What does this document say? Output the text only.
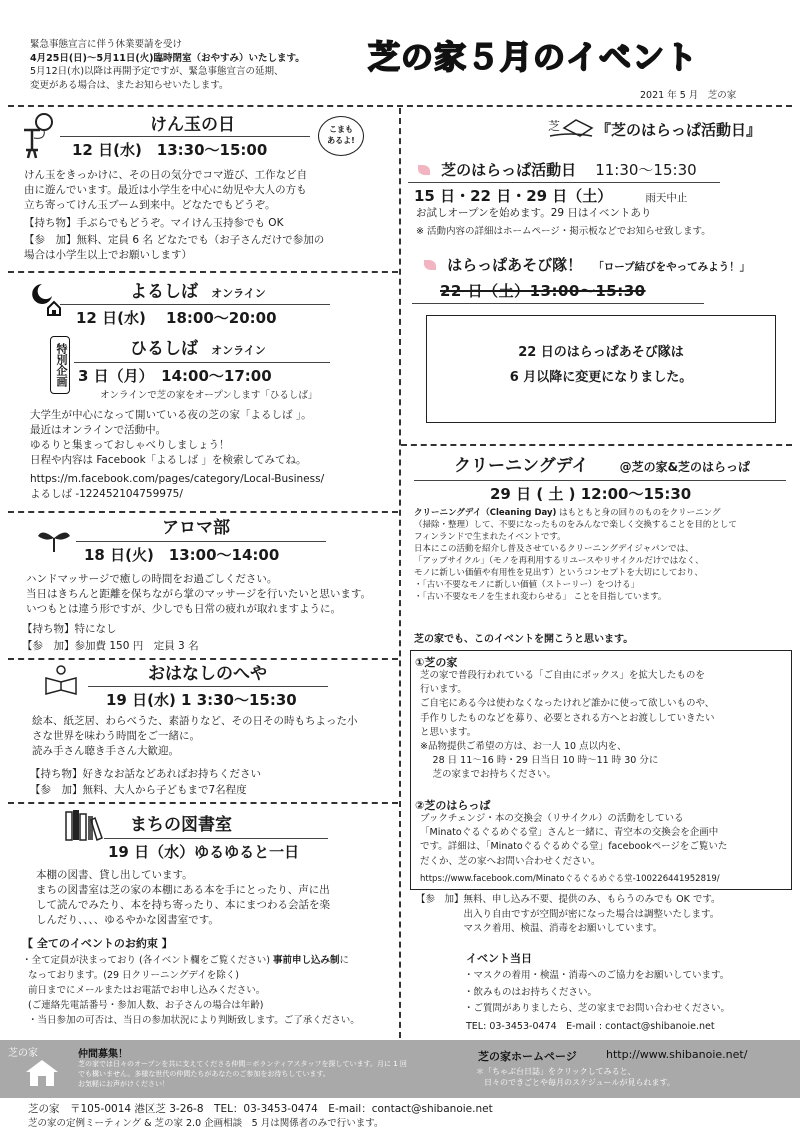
緊急事態宣言に伴う休業要請を受け
4月25日(日)〜5月11日(火)臨時閉室（おやすみ）いたします。
5月12日(水)以降は再開予定ですが、緊急事態宣言の延期、
変更がある場合は、またお知らせいたします。
芝の家５月のイベント
2021 年 5 月　芝の家
けん玉の日
12 日(水)　13:30〜15:00
こまも
あるよ!
けん玉をきっかけに、その日の気分でコマ遊び、工作など自
由に遊んでいます。最近は小学生を中心に幼児や大人の方も
立ち寄ってけん玉ブーム到来中。どなたでもどうぞ。
【持ち物】手ぶらでもどうぞ。マイけん玉持参でも OK
【参　加】無料、定員 6 名 どなたでも（お子さんだけで参加の
場合は小学生以上でお願いします）
よるしば オンライン
12 日(水)　 18:00〜20:00
特別企画	ひるしば オンライン
3 日（月）　14:00〜17:00
オンラインで芝の家をオープンします「ひるしば」
大学生が中心になって開いている夜の芝の家「よるしば 」。
最近はオンラインで活動中。
ゆるりと集まっておしゃべりしましょう！
日程や内容は Facebook「よるしば 」を検索してみてね。
https://m.facebook.com/pages/category/Local-Business/
よるしば -122452104759975/
アロマ部
18 日(火)　13:00〜14:00
ハンドマッサージで癒しの時間をお過ごしください。
当日はきちんと距離を保ちながら掌のマッサージを行いたいと思います。
いつもとは違う形ですが、少しでも日常の疲れが取れますように。
【持ち物】特になし
【参　加】参加費 150 円　定員 3 名
おはなしのへや
19 日(水) 1 3:30〜15:30
絵本、紙芝居、わらべうた、素語りなど、その日その時もちよった小
さな世界を味わう時間をご一緒に。
読み手さん聴き手さん大歓迎。
【持ち物】好きなお話などあればお持ちください
【参　加】無料、大人から子どもまで7名程度
まちの図書室
19 日（水）ゆるゆると一日
本棚の図書、貸し出しています。
まちの図書室は芝の家の本棚にある本を手にとったり、声に出
して読んでみたり、本を持ち寄ったり、本にまつわる会話を楽
しんだり、、、、ゆるやかな図書室です。
【 全てのイベントのお約束 】
・全て定員が決まっており (各イベント欄をご覧ください) 事前申し込み制に
なっております。(29 日クリーニングデイを除く)
前日までにメールまたはお電話でお申し込みください。
(ご連絡先電話番号・参加人数、お子さんの場合は年齢)
・当日参加の可否は、当日の参加状況により判断致します。ご了承ください。
芝 『芝のはらっぱ活動日』
芝のはらっぱ活動日 11:30〜15:30
15 日・22 日・29 日（土）	雨天中止
お試しオープンを始めます。29 日はイベントあり
※ 活動内容の詳細はホームページ・掲示板などでお知らせ致します。
はらっぱあそび隊！ 「ロープ結びをやってみよう！」
22 日（土）13:00〜15:30
22 日のはらっぱあそび隊は
6 月以降に変更になりました。
クリーニングデイ	@芝の家&芝のはらっぱ
29 日 ( 土 ) 12:00〜15:30
クリーニングデイ（Cleaning Day) はもともと身の回りのものをクリーニング
（掃除・整理）して、不要になったものをみんなで楽しく交換することを目的として
フィンランドで生まれたイベントです。
日本にこの活動を紹介し普及させているクリーニングデイジャパンでは、
「アップサイクル」（モノを再利用するリユースやリサイクルだけではなく、
モノに新しい価値や有用性を見出す）というコンセプトを大切にしており、
・「古い不要なモノに新しい価値（ストーリー）をつける」
・「古い不要なモノを生まれ変わらせる」 ことを目指しています。
芝の家でも、このイベントを開こうと思います。
①芝の家
芝の家で普段行われている「ご自由にボックス」を拡大したものを
行います。
ご自宅にある今は使わなくなったけれど誰かに使って欲しいものや、
手作りしたものなどを募り、必要とされる方へとお渡ししていきたい
と思います。
※品物提供ご希望の方は、お一人 10 点以内を、
　 28 日 11〜16 時・29 日当日 10 時〜11 時 30 分に
　 芝の家までお持ちください。
②芝のはらっぱ
ブックチェンジ・本の交換会（リサイクル）の活動をしている
「Minatoぐるぐるめぐる堂」さんと一緒に、青空本の交換会を企画中
です。詳細は、「Minatoぐるぐるめぐる堂」facebookページをご覧いた
だくか、芝の家へお問い合わせください。
https://www.facebook.com/Minatoぐるぐるめぐる堂-100226441952819/
【参　加】無料、申し込み不要、提供のみ、もらうのみでも OK です。
　　　　　出入り自由ですが空間が密になった場合は調整いたします。
　　　　　マスク着用、検温、消毒をお願いしています。
イベント当日
・マスクの着用・検温・消毒へのご協力をお願いしています。
・飲みものはお持ちください。
・ご質問がありましたら、芝の家までお問い合わせください。
TEL: 03-3453-0474　E-mail : contact@shibanoie.net
芝の家	仲間募集！
芝の家では日々のオープンを共に支えてくださる仲間＝ボランティアスタッフを探しています。月に 1 回でも構いません。多様な世代の仲間たちがあなたのご参加をお待ちしています。
お気軽にお声がけください！
芝の家ホームページ	http://www.shibanoie.net/
＊「ちゃぶ台日誌」をクリックしてみると、
　日々のできごとや毎月のスケジュールが見られます。
芝の家　〒105-0014 港区芝 3-26-8　TEL：03-3453-0474　E-mail：contact@shibanoie.net
芝の家の定例ミーティング & 芝の家 2.0 企画相談　5 月は関係者のみで行います。
